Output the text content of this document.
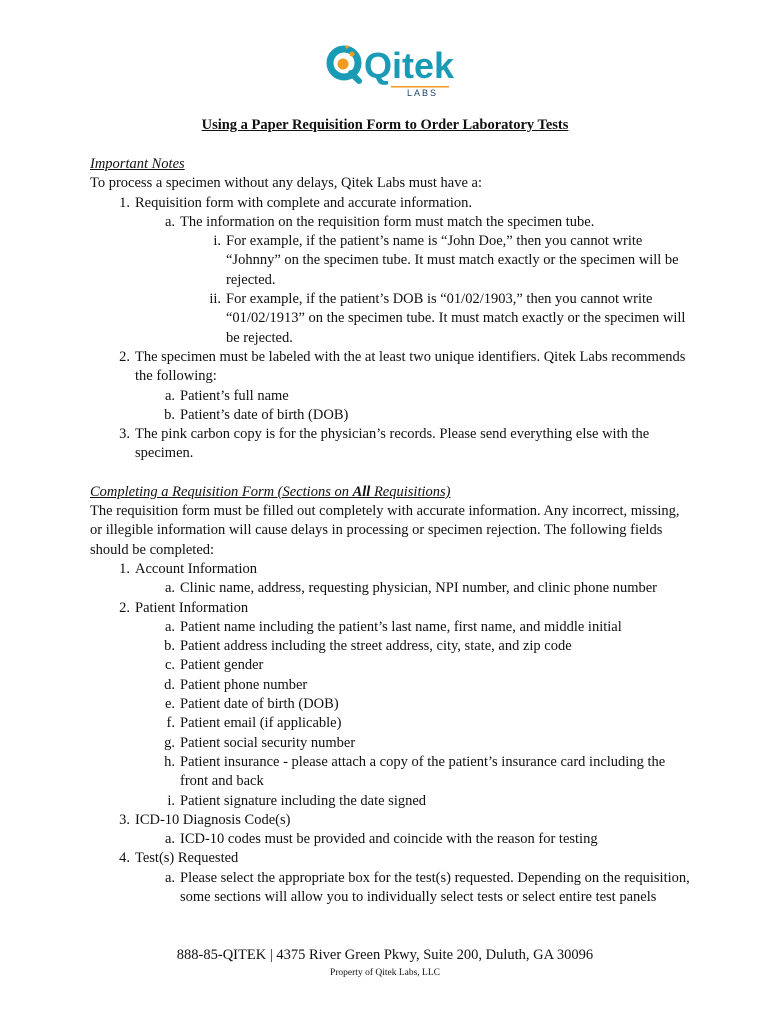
Qitek
LABS
Using a Paper Requisition Form to Order Laboratory Tests
Important Notes
To process a specimen without any delays, Qitek Labs must have a:
1. Requisition form with complete and accurate information.
a. The information on the requisition form must match the specimen tube.
i. For example, if the patient’s name is “John Doe,” then you cannot write “Johnny” on the specimen tube. It must match exactly or the specimen will be rejected.
ii. For example, if the patient’s DOB is “01/02/1903,” then you cannot write “01/02/1913” on the specimen tube. It must match exactly or the specimen will be rejected.
2. The specimen must be labeled with the at least two unique identifiers. Qitek Labs recommends the following:
a. Patient’s full name
b. Patient’s date of birth (DOB)
3. The pink carbon copy is for the physician’s records. Please send everything else with the specimen.
Completing a Requisition Form (Sections on All Requisitions)
The requisition form must be filled out completely with accurate information. Any incorrect, missing, or illegible information will cause delays in processing or specimen rejection. The following fields should be completed:
1. Account Information
a. Clinic name, address, requesting physician, NPI number, and clinic phone number
2. Patient Information
a. Patient name including the patient’s last name, first name, and middle initial
b. Patient address including the street address, city, state, and zip code
c. Patient gender
d. Patient phone number
e. Patient date of birth (DOB)
f. Patient email (if applicable)
g. Patient social security number
h. Patient insurance - please attach a copy of the patient’s insurance card including the front and back
i. Patient signature including the date signed
3. ICD-10 Diagnosis Code(s)
a. ICD-10 codes must be provided and coincide with the reason for testing
4. Test(s) Requested
a. Please select the appropriate box for the test(s) requested. Depending on the requisition, some sections will allow you to individually select tests or select entire test panels
888-85-QITEK | 4375 River Green Pkwy, Suite 200, Duluth, GA 30096
Property of Qitek Labs, LLC
